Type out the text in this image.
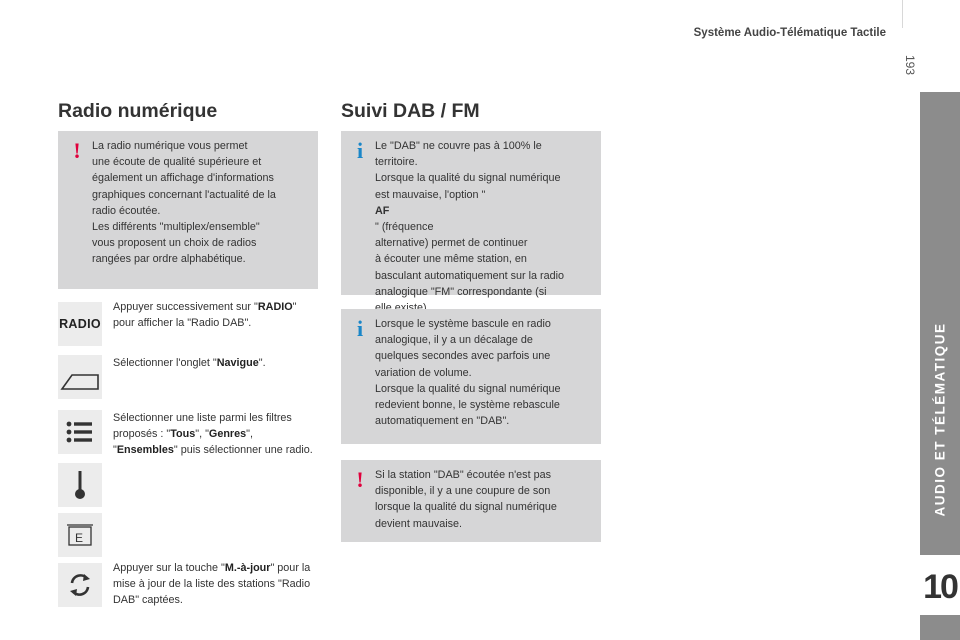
Système Audio-Télématique Tactile
193
AUDIO ET TÉLÉMATIQUE
10
Radio numérique	Suivi DAB / FM
!	La radio numérique vous permet
une écoute de qualité supérieure et
également un affichage d'informations
graphiques concernant l'actualité de la
radio écoutée.
Les différents "multiplex/ensemble"
vous proposent un choix de radios
rangées par ordre alphabétique.
RADIO
E
Appuyer successivement sur "RADIO" pour afficher la "Radio DAB".
Sélectionner l'onglet "Navigue".
Sélectionner une liste parmi les filtres proposés : "Tous", "Genres", "Ensembles" puis sélectionner une radio.
Appuyer sur la touche "M.-à-jour" pour la mise à jour de la liste des stations "Radio DAB" captées.
i	Le "DAB" ne couvre pas à 100% le
territoire.
Lorsque la qualité du signal numérique
est mauvaise, l'option "
AF
" (fréquence
alternative) permet de continuer
à écouter une même station, en
basculant automatiquement sur la radio
analogique "FM" correspondante (si
i	Lorsque le système bascule en radio
analogique, il y a un décalage de
quelques secondes avec parfois une
variation de volume.
Lorsque la qualité du signal numérique
redevient bonne, le système rebascule
automatiquement en "DAB".
!	Si la station "DAB" écoutée n'est pas
disponible, il y a une coupure de son
lorsque la qualité du signal numérique
devient mauvaise.
